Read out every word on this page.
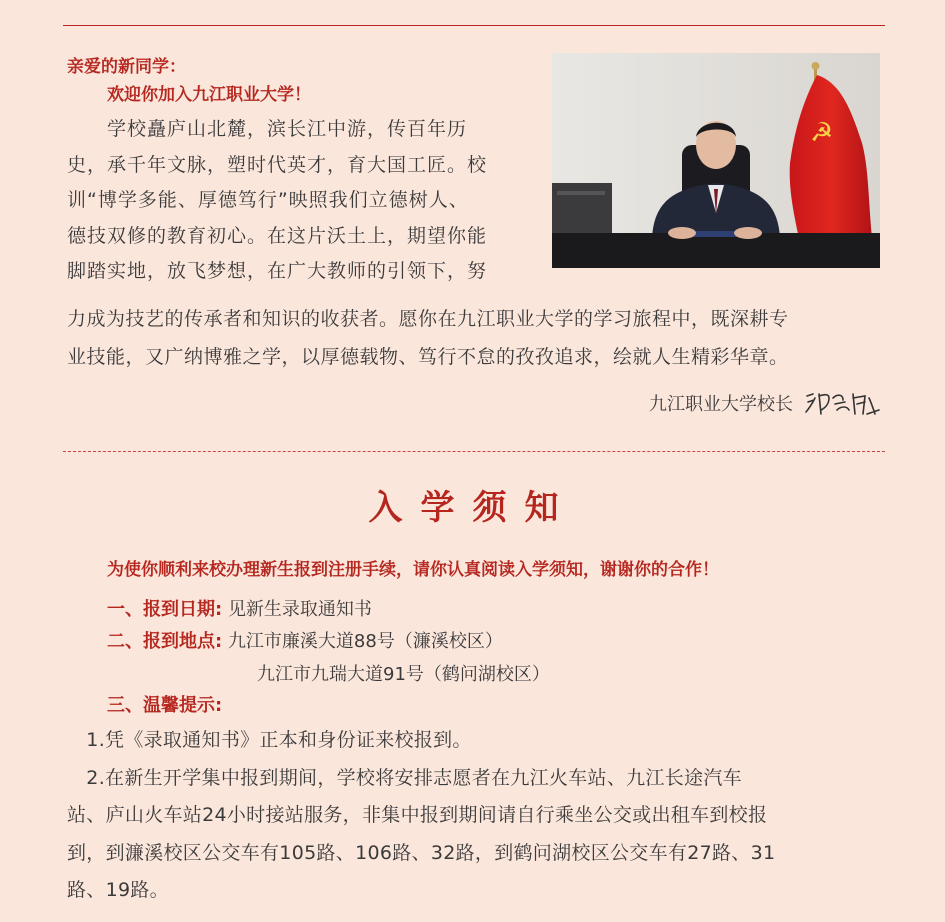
亲爱的新同学：
欢迎你加入九江职业大学！
　　学校矗庐山北麓，滨长江中游，传百年历
史，承千年文脉，塑时代英才，育大国工匠。校
训“博学多能、厚德笃行”映照我们立德树人、
德技双修的教育初心。在这片沃土上，期望你能
脚踏实地，放飞梦想，在广大教师的引领下，努
☭
力成为技艺的传承者和知识的收获者。愿你在九江职业大学的学习旅程中，既深耕专
业技能，又广纳博雅之学，以厚德载物、笃行不怠的孜孜追求，绘就人生精彩华章。
九江职业大学校长
入学须知
为使你顺利来校办理新生报到注册手续，请你认真阅读入学须知，谢谢你的合作！
一、报到日期: 见新生录取通知书
二、报到地点: 九江市廉溪大道88号（濂溪校区）
九江市九瑞大道91号（鹤问湖校区）
三、温馨提示:
　1.凭《录取通知书》正本和身份证来校报到。
　2.在新生开学集中报到期间，学校将安排志愿者在九江火车站、九江长途汽车
站、庐山火车站24小时接站服务，非集中报到期间请自行乘坐公交或出租车到校报
到，到濂溪校区公交车有105路、106路、32路，到鹤问湖校区公交车有27路、31
路、19路。
